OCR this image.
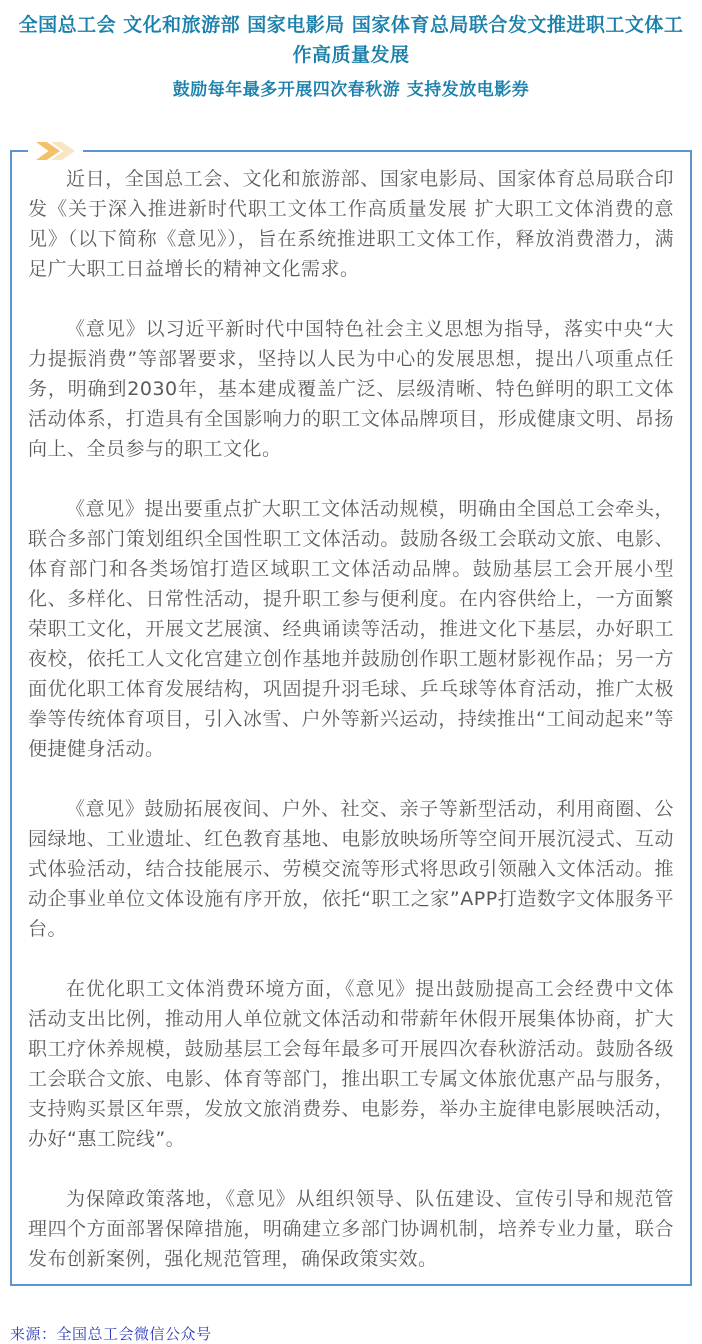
全国总工会 文化和旅游部 国家电影局 国家体育总局联合发文推进职工文体工作高质量发展
鼓励每年最多开展四次春秋游 支持发放电影券

近日，全国总工会、文化和旅游部、国家电影局、国家体育总局联合印发《关于深入推进新时代职工文体工作高质量发展 扩大职工文体消费的意见》（以下简称《意见》），旨在系统推进职工文体工作，释放消费潜力，满足广大职工日益增长的精神文化需求。

《意见》以习近平新时代中国特色社会主义思想为指导，落实中央“大力提振消费”等部署要求，坚持以人民为中心的发展思想，提出八项重点任务，明确到2030年，基本建成覆盖广泛、层级清晰、特色鲜明的职工文体活动体系，打造具有全国影响力的职工文体品牌项目，形成健康文明、昂扬向上、全员参与的职工文化。

《意见》提出要重点扩大职工文体活动规模，明确由全国总工会牵头，联合多部门策划组织全国性职工文体活动。鼓励各级工会联动文旅、电影、体育部门和各类场馆打造区域职工文体活动品牌。鼓励基层工会开展小型化、多样化、日常性活动，提升职工参与便利度。在内容供给上，一方面繁荣职工文化，开展文艺展演、经典诵读等活动，推进文化下基层，办好职工夜校，依托工人文化宫建立创作基地并鼓励创作职工题材影视作品；另一方面优化职工体育发展结构，巩固提升羽毛球、乒乓球等体育活动，推广太极拳等传统体育项目，引入冰雪、户外等新兴运动，持续推出“工间动起来”等便捷健身活动。

《意见》鼓励拓展夜间、户外、社交、亲子等新型活动，利用商圈、公园绿地、工业遗址、红色教育基地、电影放映场所等空间开展沉浸式、互动式体验活动，结合技能展示、劳模交流等形式将思政引领融入文体活动。推动企事业单位文体设施有序开放，依托“职工之家”APP打造数字文体服务平台。

在优化职工文体消费环境方面，《意见》提出鼓励提高工会经费中文体活动支出比例，推动用人单位就文体活动和带薪年休假开展集体协商，扩大职工疗休养规模，鼓励基层工会每年最多可开展四次春秋游活动。鼓励各级工会联合文旅、电影、体育等部门，推出职工专属文体旅优惠产品与服务，支持购买景区年票，发放文旅消费券、电影券，举办主旋律电影展映活动，办好“惠工院线”。

为保障政策落地，《意见》从组织领导、队伍建设、宣传引导和规范管理四个方面部署保障措施，明确建立多部门协调机制，培养专业力量，联合发布创新案例，强化规范管理，确保政策实效。

来源：全国总工会微信公众号
